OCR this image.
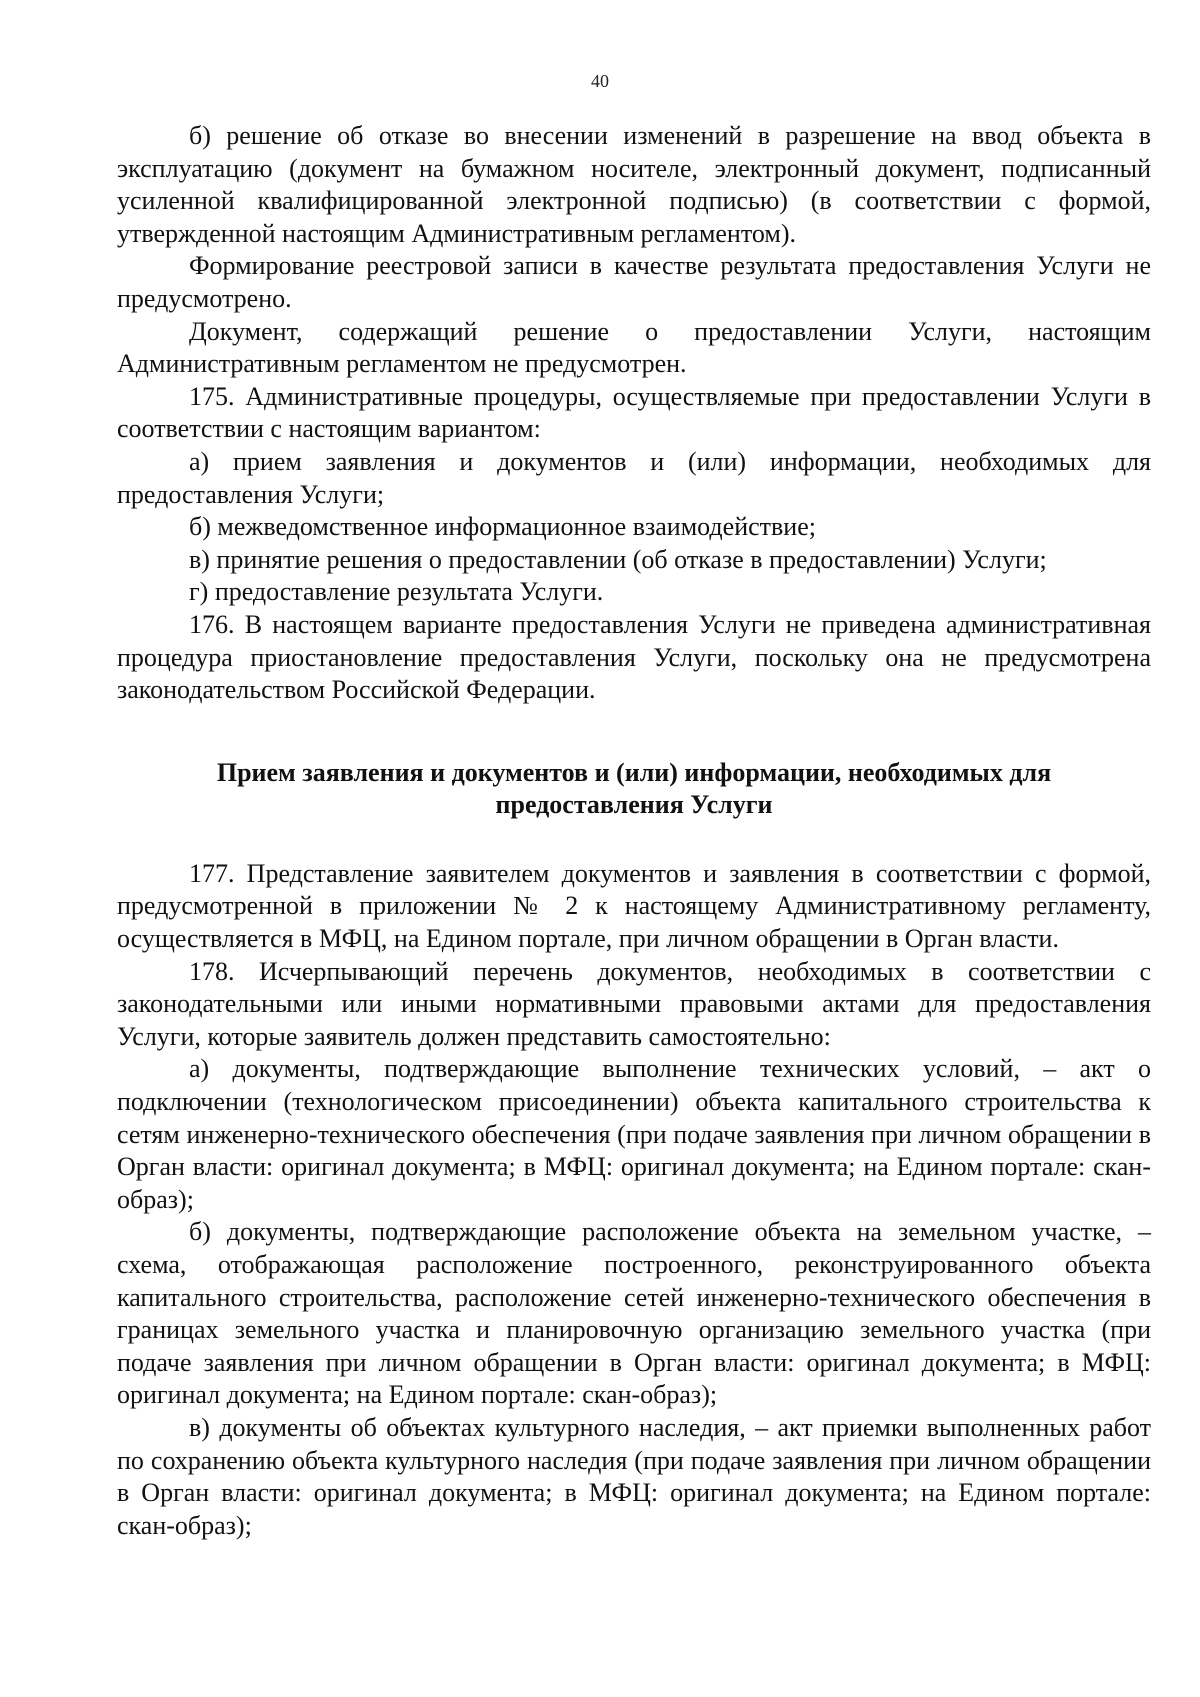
40

б) решение об отказе во внесении изменений в разрешение на ввод объекта в эксплуатацию (документ на бумажном носителе, электронный документ, подписанный усиленной квалифицированной электронной подписью) (в соответствии с формой, утвержденной настоящим Административным регламентом).

Формирование реестровой записи в качестве результата предоставления Услуги не предусмотрено.

Документ, содержащий решение о предоставлении Услуги, настоящим Административным регламентом не предусмотрен.

175. Административные процедуры, осуществляемые при предоставлении Услуги в соответствии с настоящим вариантом:

а) прием заявления и документов и (или) информации, необходимых для предоставления Услуги;

б) межведомственное информационное взаимодействие;

в) принятие решения о предоставлении (об отказе в предоставлении) Услуги;

г) предоставление результата Услуги.

176. В настоящем варианте предоставления Услуги не приведена административная процедура приостановление предоставления Услуги, поскольку она не предусмотрена законодательством Российской Федерации.

Прием заявления и документов и (или) информации, необходимых для предоставления Услуги

177. Представление заявителем документов и заявления в соответствии с формой, предусмотренной в приложении № 2 к настоящему Административному регламенту, осуществляется в МФЦ, на Едином портале, при личном обращении в Орган власти.

178. Исчерпывающий перечень документов, необходимых в соответствии с законодательными или иными нормативными правовыми актами для предоставления Услуги, которые заявитель должен представить самостоятельно:

а) документы, подтверждающие выполнение технических условий, – акт о подключении (технологическом присоединении) объекта капитального строительства к сетям инженерно-технического обеспечения (при подаче заявления при личном обращении в Орган власти: оригинал документа; в МФЦ: оригинал документа; на Едином портале: скан-образ);

б) документы, подтверждающие расположение объекта на земельном участке, – схема, отображающая расположение построенного, реконструированного объекта капитального строительства, расположение сетей инженерно-технического обеспечения в границах земельного участка и планировочную организацию земельного участка (при подаче заявления при личном обращении в Орган власти: оригинал документа; в МФЦ: оригинал документа; на Едином портале: скан-образ);

в) документы об объектах культурного наследия, – акт приемки выполненных работ по сохранению объекта культурного наследия (при подаче заявления при личном обращении в Орган власти: оригинал документа; в МФЦ: оригинал документа; на Едином портале: скан-образ);
